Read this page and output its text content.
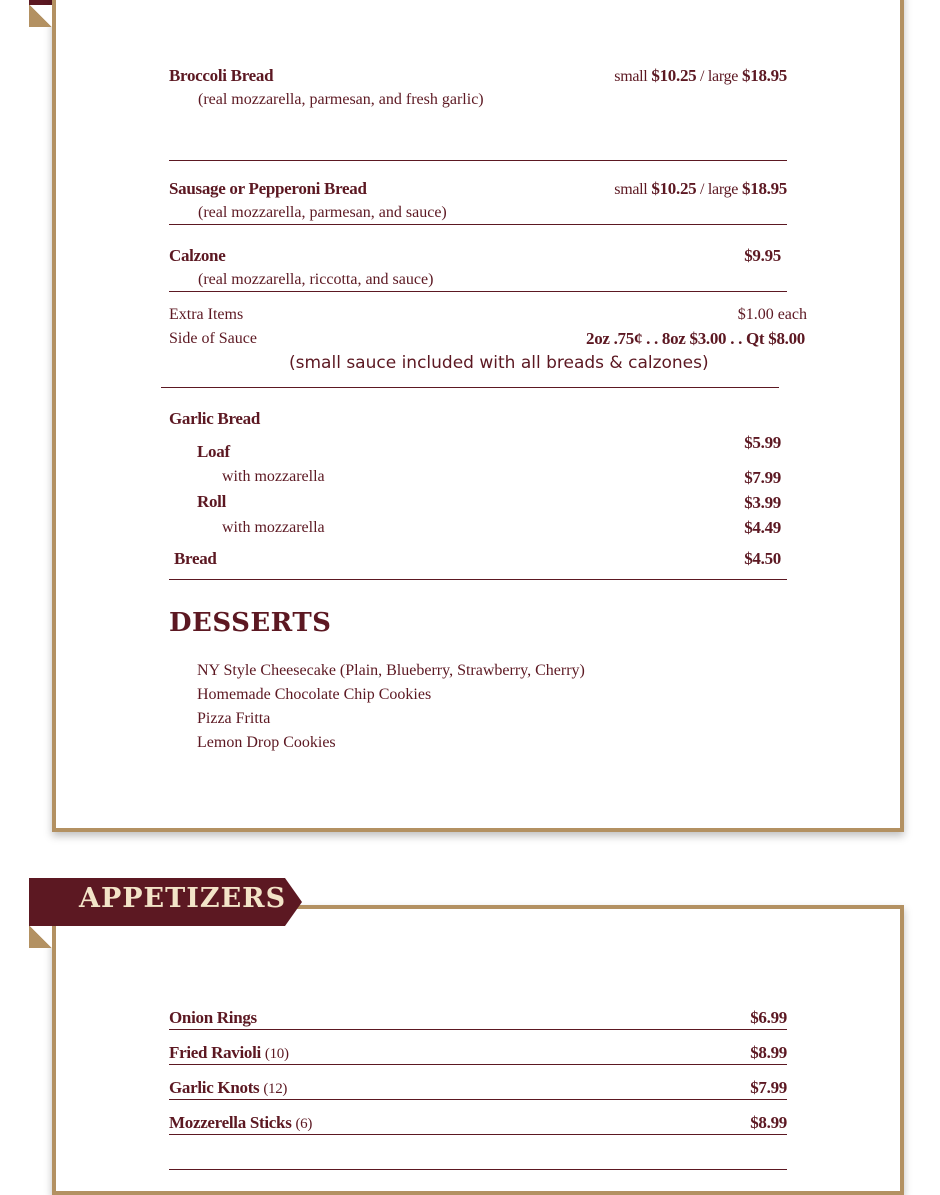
Broccoli Bread	small $10.25 / large $18.95
(real mozzarella, parmesan, and fresh garlic)
Sausage or Pepperoni Bread	small $10.25 / large $18.95
(real mozzarella, parmesan, and sauce)
Calzone	$9.95
(real mozzarella, riccotta, and sauce)
Extra Items	$1.00 each
Side of Sauce	2oz .75¢ . . 8oz $3.00 . . Qt $8.00
(small sauce included with all breads & calzones)
Garlic Bread
Loaf	$5.99
with mozzarella	$7.99
Roll	$3.99
with mozzarella	$4.49
Bread	$4.50
DESSERTS
NY Style Cheesecake (Plain, Blueberry, Strawberry, Cherry)
Homemade Chocolate Chip Cookies
Pizza Fritta
Lemon Drop Cookies
APPETIZERS
Onion Rings	$6.99
Fried Ravioli (10)	$8.99
Garlic Knots (12)	$7.99
Mozzerella Sticks (6)	$8.99
